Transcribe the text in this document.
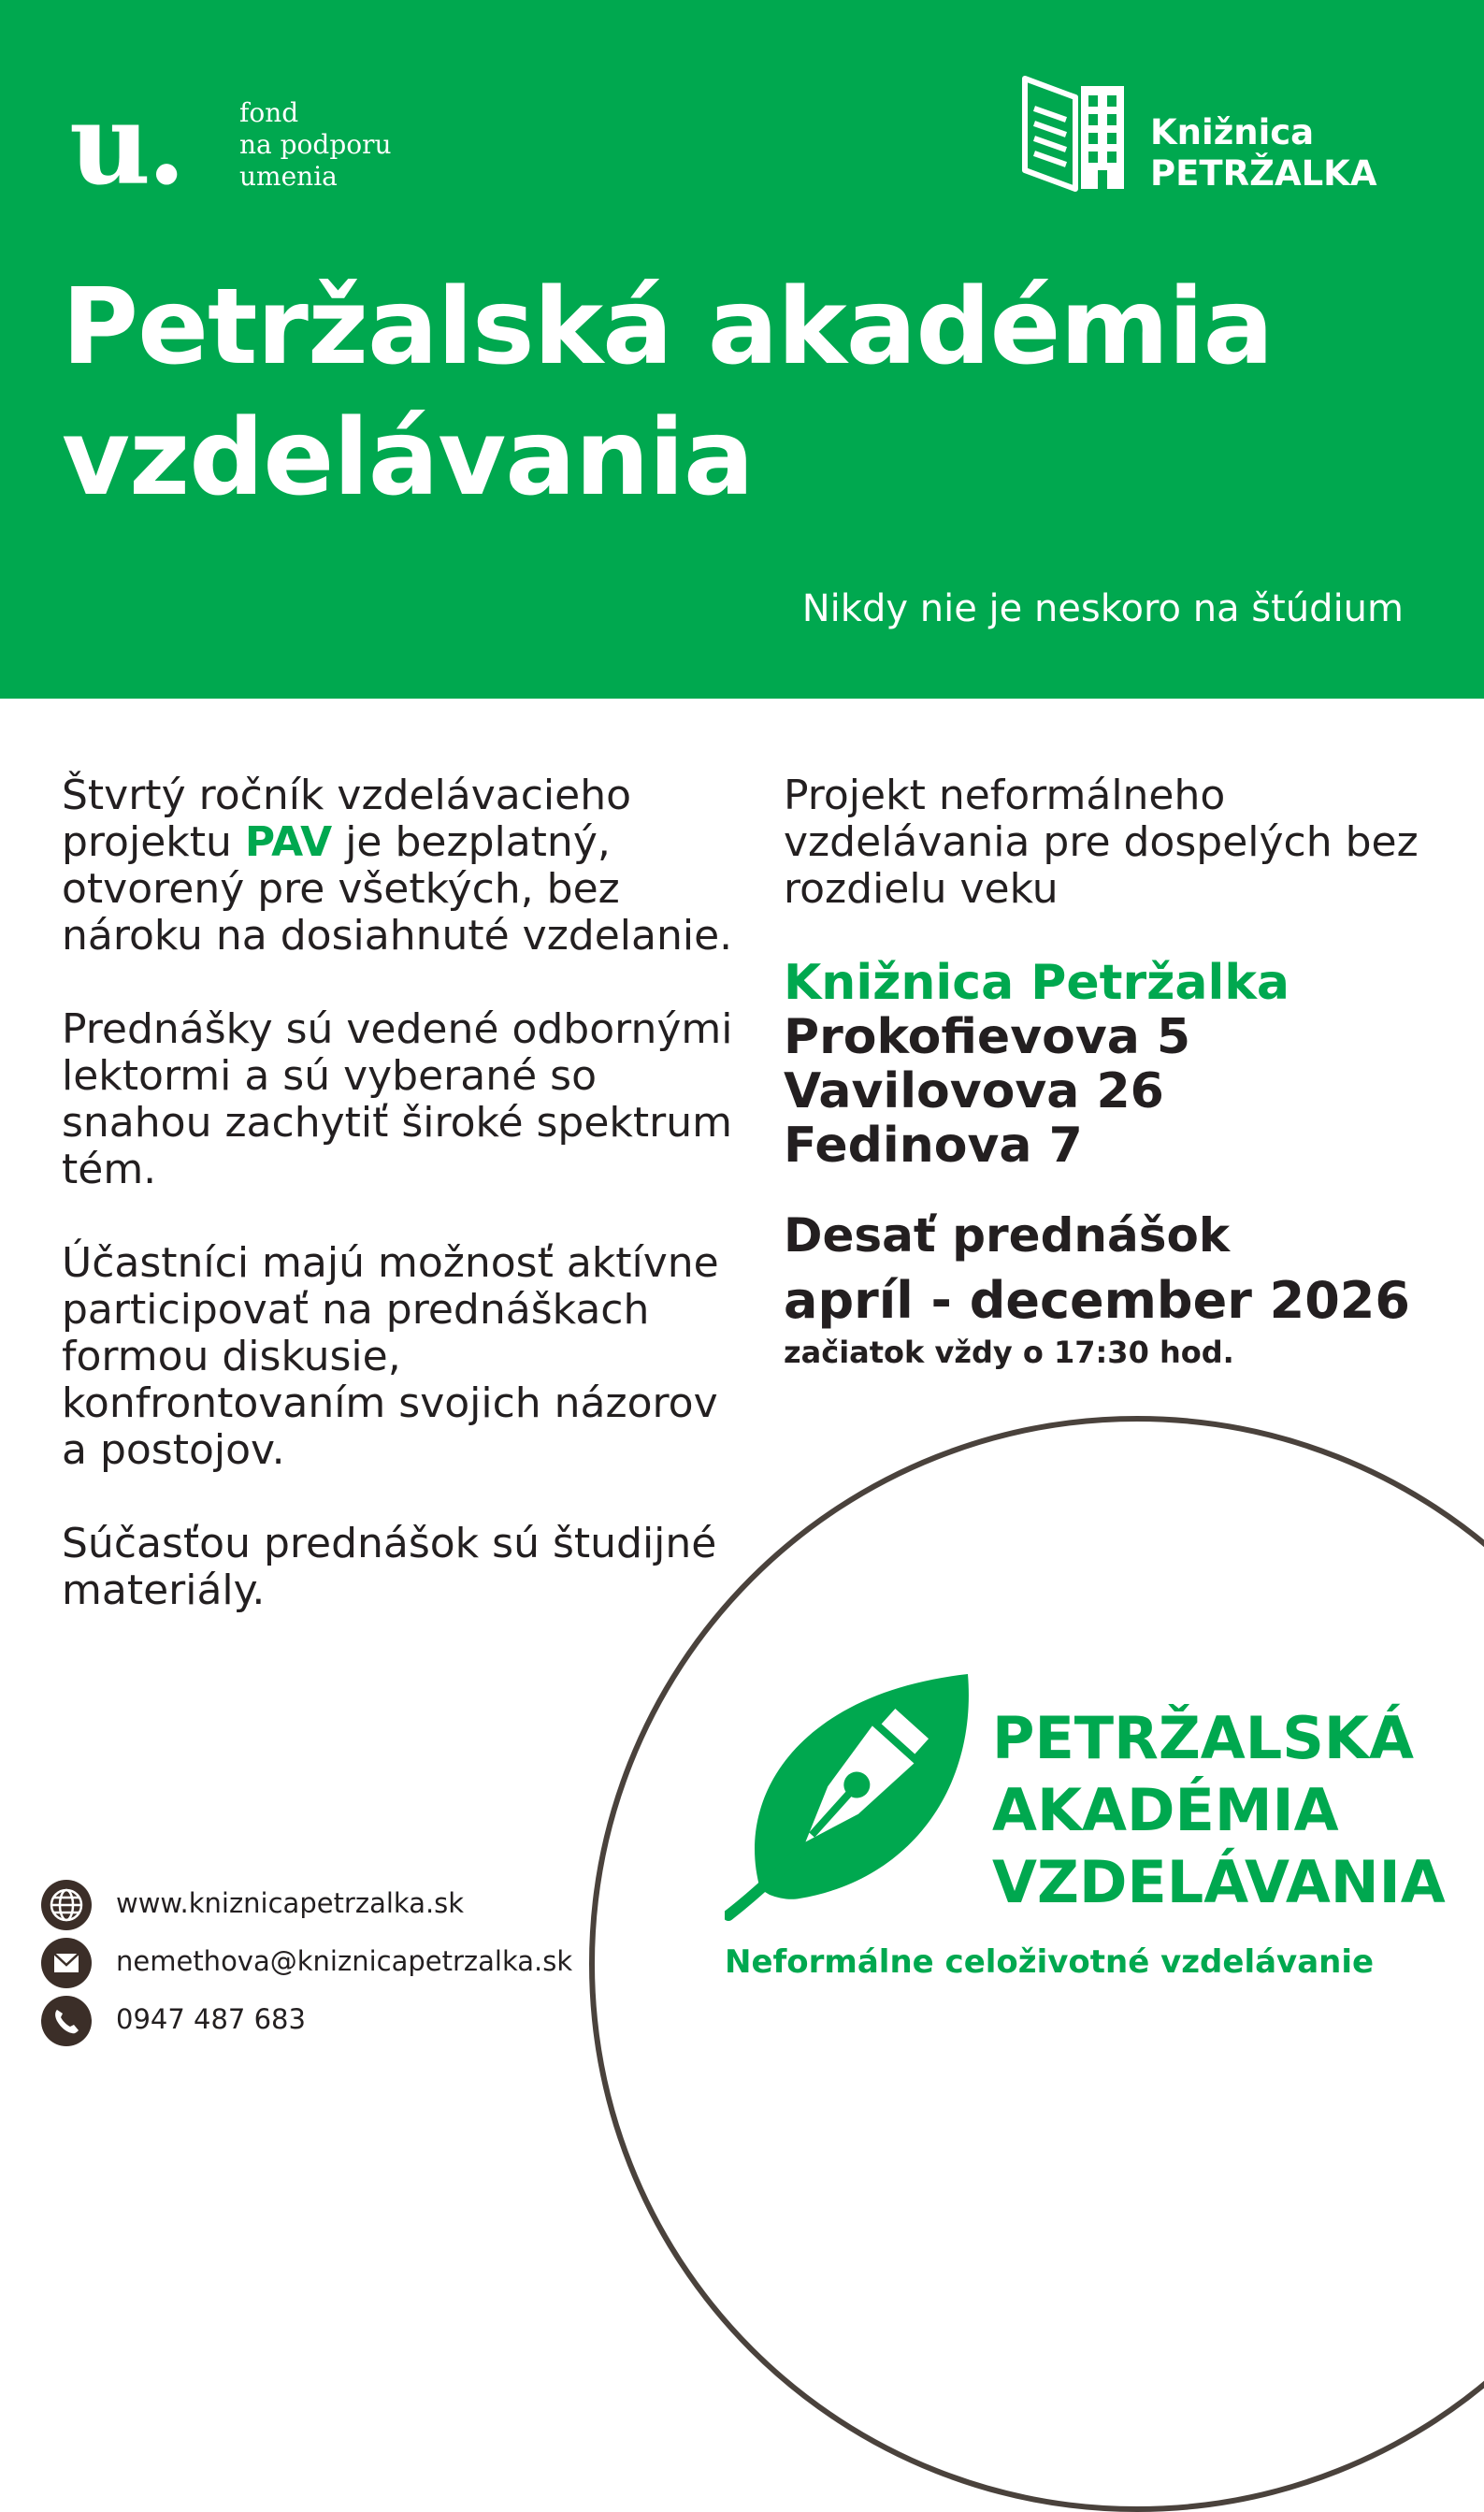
u. fond
na podporu
umenia
Knižnica
PETRŽALKA
Petržalská akadémia
vzdelávania
Nikdy nie je neskoro na štúdium

Štvrtý ročník vzdelávacieho projektu PAV je bezplatný, otvorený pre všetkých, bez nároku na dosiahnuté vzdelanie.

Prednášky sú vedené odbornými lektormi a sú vyberané so snahou zachytiť široké spektrum tém.

Účastníci majú možnosť aktívne participovať na prednáškach formou diskusie, konfrontovaním svojich názorov a postojov.

Súčasťou prednášok sú študijné materiály.

Projekt neformálneho vzdelávania pre dospelých bez rozdielu veku

Knižnica Petržalka
Prokofievova 5
Vavilovova 26
Fedinova 7
Desať prednášok
apríl - december 2026
začiatok vždy o 17:30 hod.
PETRŽALSKÁ
AKADÉMIA
VZDELÁVANIA
Neformálne celoživotné vzdelávanie
www.kniznicapetrzalka.sk
nemethova@kniznicapetrzalka.sk
0947 487 683
